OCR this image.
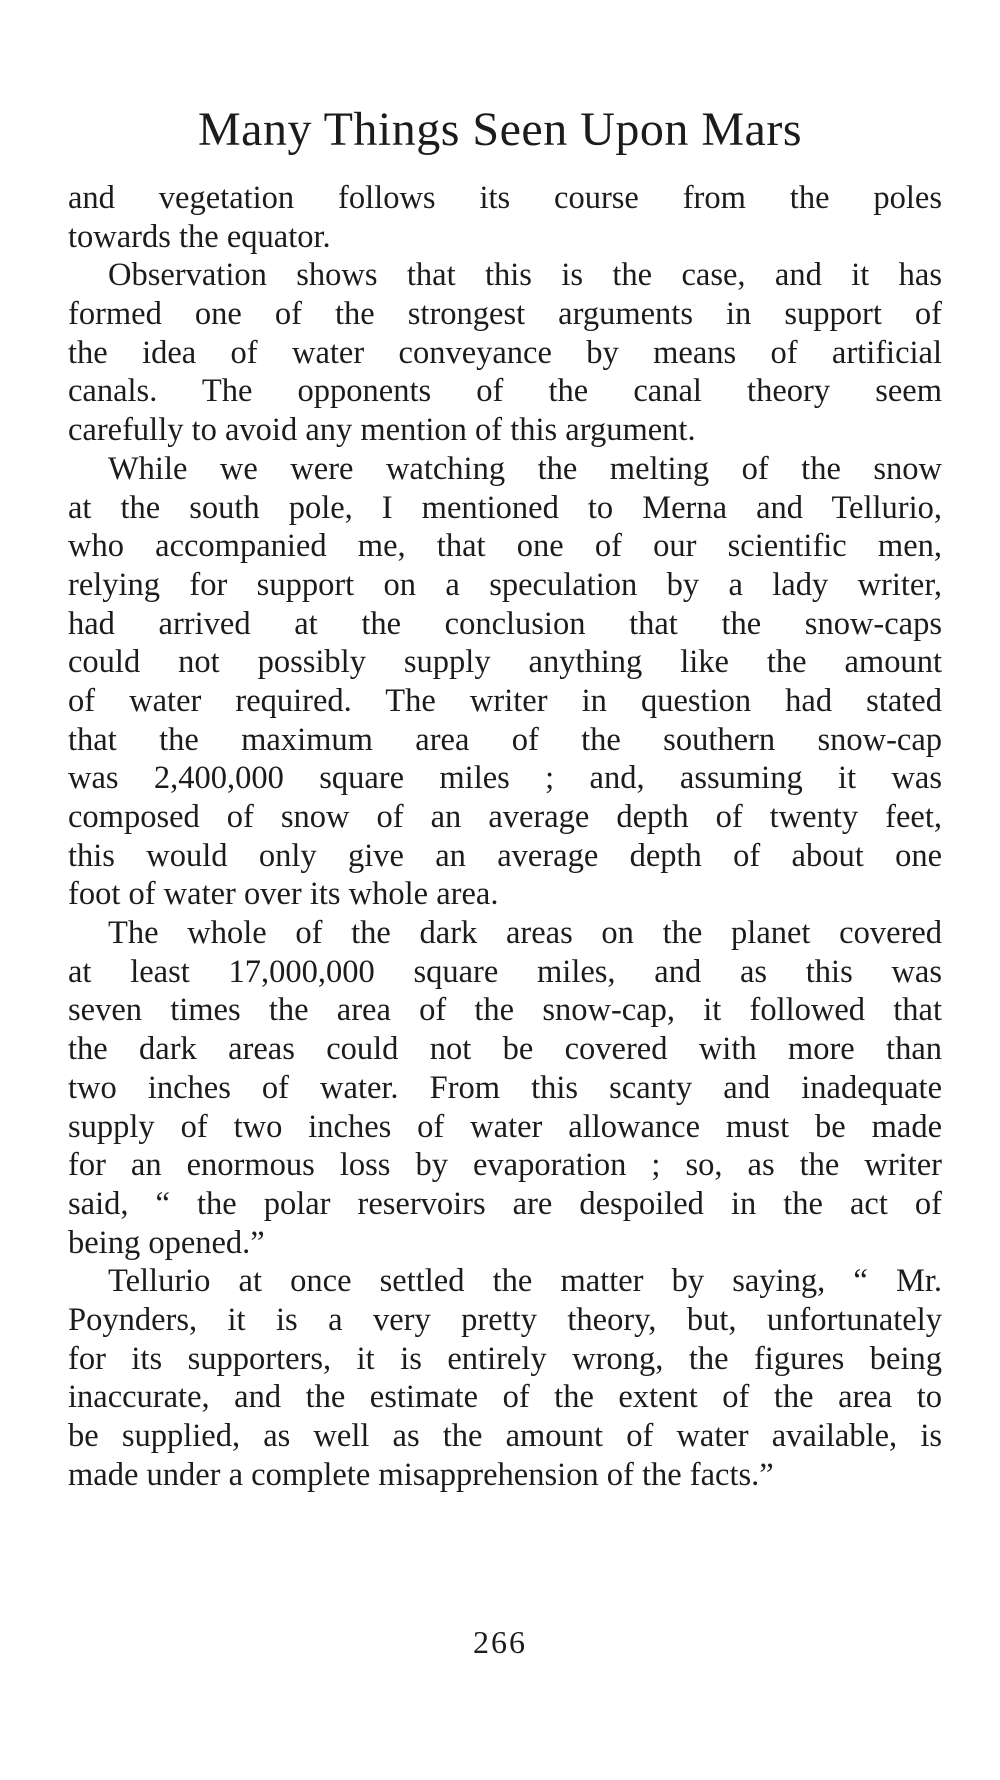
Many Things Seen Upon Mars

and vegetation follows its course from the poles
towards the equator.

Observation shows that this is the case, and it has
formed one of the strongest arguments in support of
the idea of water conveyance by means of artificial
canals. The opponents of the canal theory seem
carefully to avoid any mention of this argument.

While we were watching the melting of the snow
at the south pole, I mentioned to Merna and Tellurio,
who accompanied me, that one of our scientific men,
relying for support on a speculation by a lady writer,
had arrived at the conclusion that the snow-caps
could not possibly supply anything like the amount
of water required. The writer in question had stated
that the maximum area of the southern snow-cap
was 2,400,000 square miles ; and, assuming it was
composed of snow of an average depth of twenty feet,
this would only give an average depth of about one
foot of water over its whole area.

The whole of the dark areas on the planet covered
at least 17,000,000 square miles, and as this was
seven times the area of the snow-cap, it followed that
the dark areas could not be covered with more than
two inches of water. From this scanty and inadequate
supply of two inches of water allowance must be made
for an enormous loss by evaporation ; so, as the writer
said, “ the polar reservoirs are despoiled in the act of
being opened.”

Tellurio at once settled the matter by saying, “ Mr.
Poynders, it is a very pretty theory, but, unfortunately
for its supporters, it is entirely wrong, the figures being
inaccurate, and the estimate of the extent of the area to
be supplied, as well as the amount of water available, is
made under a complete misapprehension of the facts.”

266
